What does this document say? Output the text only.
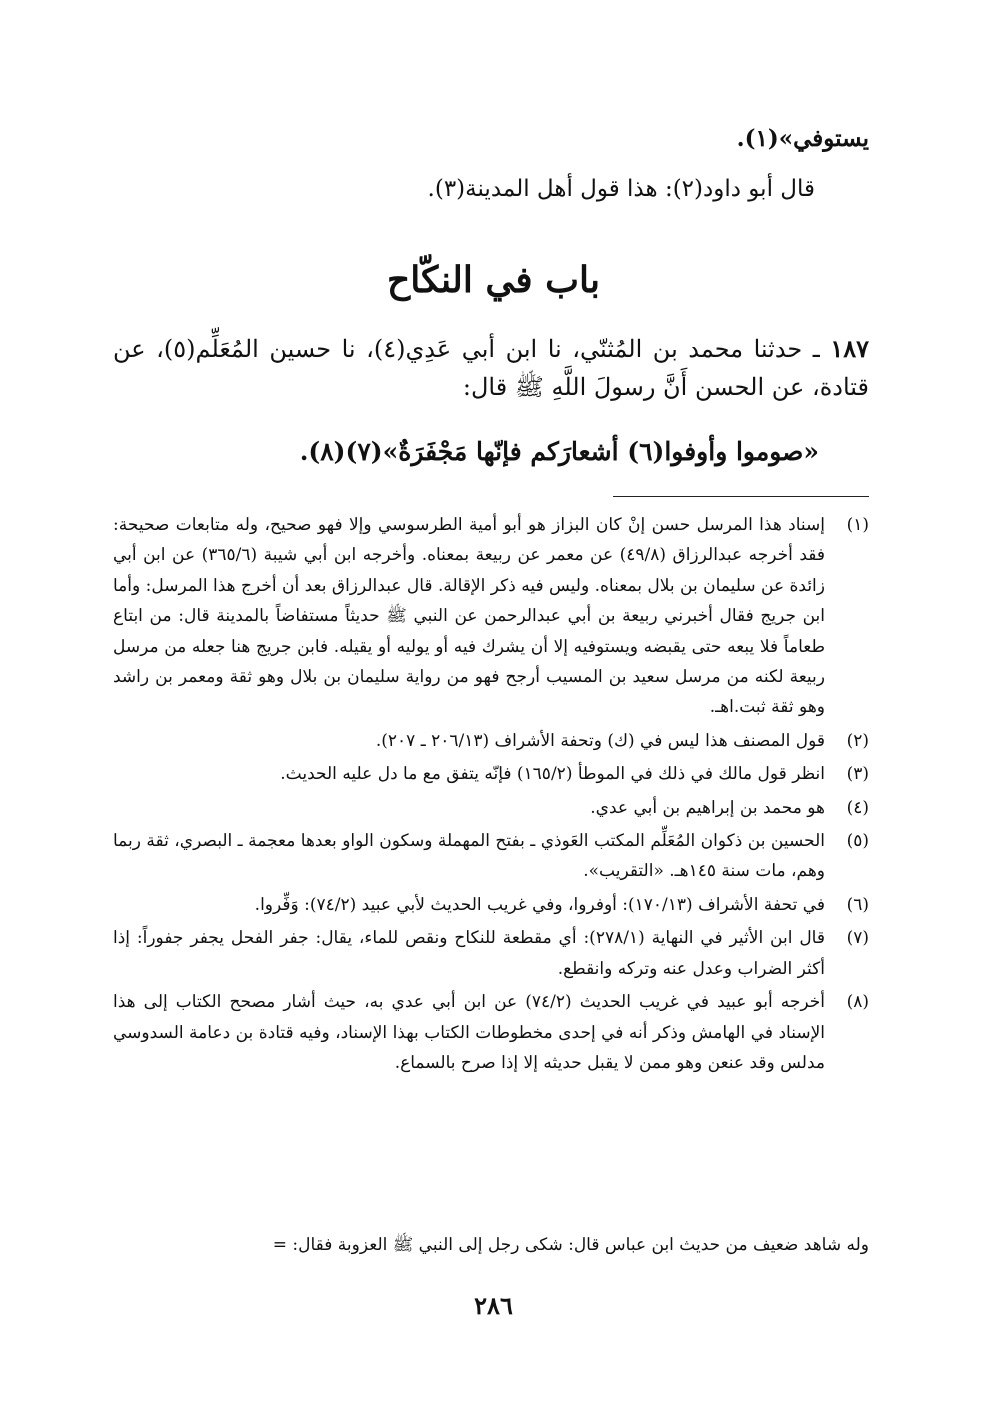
يستوفي»(١).
قال أبو داود(٢): هذا قول أهل المدينة(٣).
باب في النكّاح
١٨٧ ـ حدثنا محمد بن المُثنّي، نا ابن أبي عَدِي(٤)، نا حسين المُعَلِّم(٥)، عن قتادة، عن الحسن أَنَّ رسولَ اللَّهِ ﷺ قال:
«صوموا وأوفوا(٦) أشعارَكم فإنّها مَجْفَرَةٌ»(٧)(٨).
(١)
إسناد هذا المرسل حسن إنْ كان البزاز هو أبو أمية الطرسوسي وإلا فهو صحيح، وله متابعات صحيحة: فقد أخرجه عبدالرزاق (٤٩/٨) عن معمر عن ربيعة بمعناه. وأخرجه ابن أبي شيبة (٣٦٥/٦) عن ابن أبي زائدة عن سليمان بن بلال بمعناه. وليس فيه ذكر الإقالة. قال عبدالرزاق بعد أن أخرج هذا المرسل: وأما ابن جريج فقال أخبرني ربيعة بن أبي عبدالرحمن عن النبي ﷺ حديثاً مستفاضاً بالمدينة قال: من ابتاع طعاماً فلا يبعه حتى يقبضه ويستوفيه إلا أن يشرك فيه أو يوليه أو يقيله. فابن جريج هنا جعله من مرسل ربيعة لكنه من مرسل سعيد بن المسيب أرجح فهو من رواية سليمان بن بلال وهو ثقة ومعمر بن راشد وهو ثقة ثبت.اهـ.
(٢)
قول المصنف هذا ليس في (ك) وتحفة الأشراف (٢٠٦/١٣ ـ ٢٠٧).
(٣)
انظر قول مالك في ذلك في الموطأ (١٦٥/٢) فإنّه يتفق مع ما دل عليه الحديث.
(٤)
هو محمد بن إبراهيم بن أبي عدي.
(٥)
الحسين بن ذكوان المُعَلِّم المكتب العَوذي ـ بفتح المهملة وسكون الواو بعدها معجمة ـ البصري، ثقة ربما وهم، مات سنة ١٤٥هـ. «التقريب».
(٦)
في تحفة الأشراف (١٧٠/١٣): أوفروا، وفي غريب الحديث لأبي عبيد (٧٤/٢): وَفِّروا.
(٧)
قال ابن الأثير في النهاية (٢٧٨/١): أي مقطعة للنكاح ونقص للماء، يقال: جفر الفحل يجفر جفوراً: إذا أكثر الضراب وعدل عنه وتركه وانقطع.
(٨)
أخرجه أبو عبيد في غريب الحديث (٧٤/٢) عن ابن أبي عدي به، حيث أشار مصحح الكتاب إلى هذا الإسناد في الهامش وذكر أنه في إحدى مخطوطات الكتاب بهذا الإسناد، وفيه قتادة بن دعامة السدوسي مدلس وقد عنعن وهو ممن لا يقبل حديثه إلا إذا صرح بالسماع.
وله شاهد ضعيف من حديث ابن عباس قال: شكى رجل إلى النبي ﷺ العزوبة فقال: =
٢٨٦
